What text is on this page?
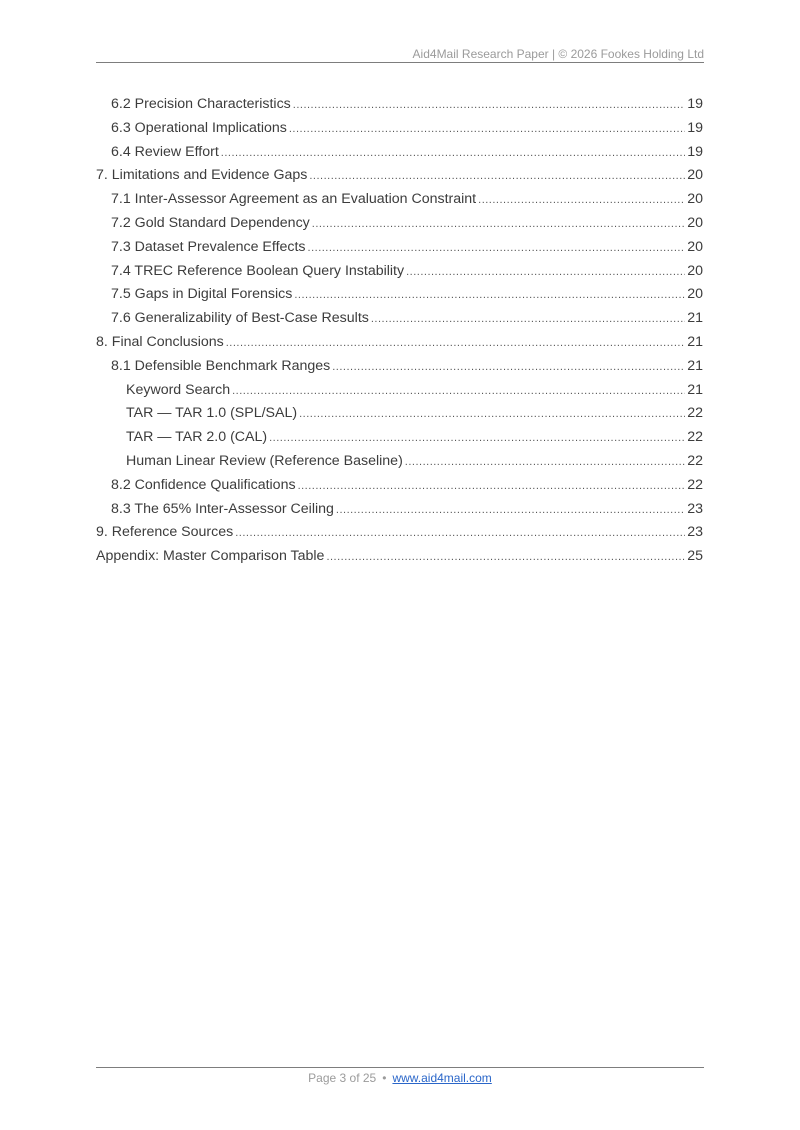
Aid4Mail Research Paper | © 2026 Fookes Holding Ltd
6.2 Precision Characteristics .....	19
6.3 Operational Implications .....	19
6.4 Review Effort .....	19
7. Limitations and Evidence Gaps .....	20
7.1 Inter-Assessor Agreement as an Evaluation Constraint .....	20
7.2 Gold Standard Dependency .....	20
7.3 Dataset Prevalence Effects .....	20
7.4 TREC Reference Boolean Query Instability .....	20
7.5 Gaps in Digital Forensics .....	20
7.6 Generalizability of Best-Case Results .....	21
8. Final Conclusions .....	21
8.1 Defensible Benchmark Ranges .....	21
Keyword Search .....	21
TAR — TAR 1.0 (SPL/SAL) .....	22
TAR — TAR 2.0 (CAL) .....	22
Human Linear Review (Reference Baseline) .....	22
8.2 Confidence Qualifications .....	22
8.3 The 65% Inter-Assessor Ceiling .....	23
9. Reference Sources .....	23
Appendix: Master Comparison Table .....	25
Page 3 of 25 • www.aid4mail.com
